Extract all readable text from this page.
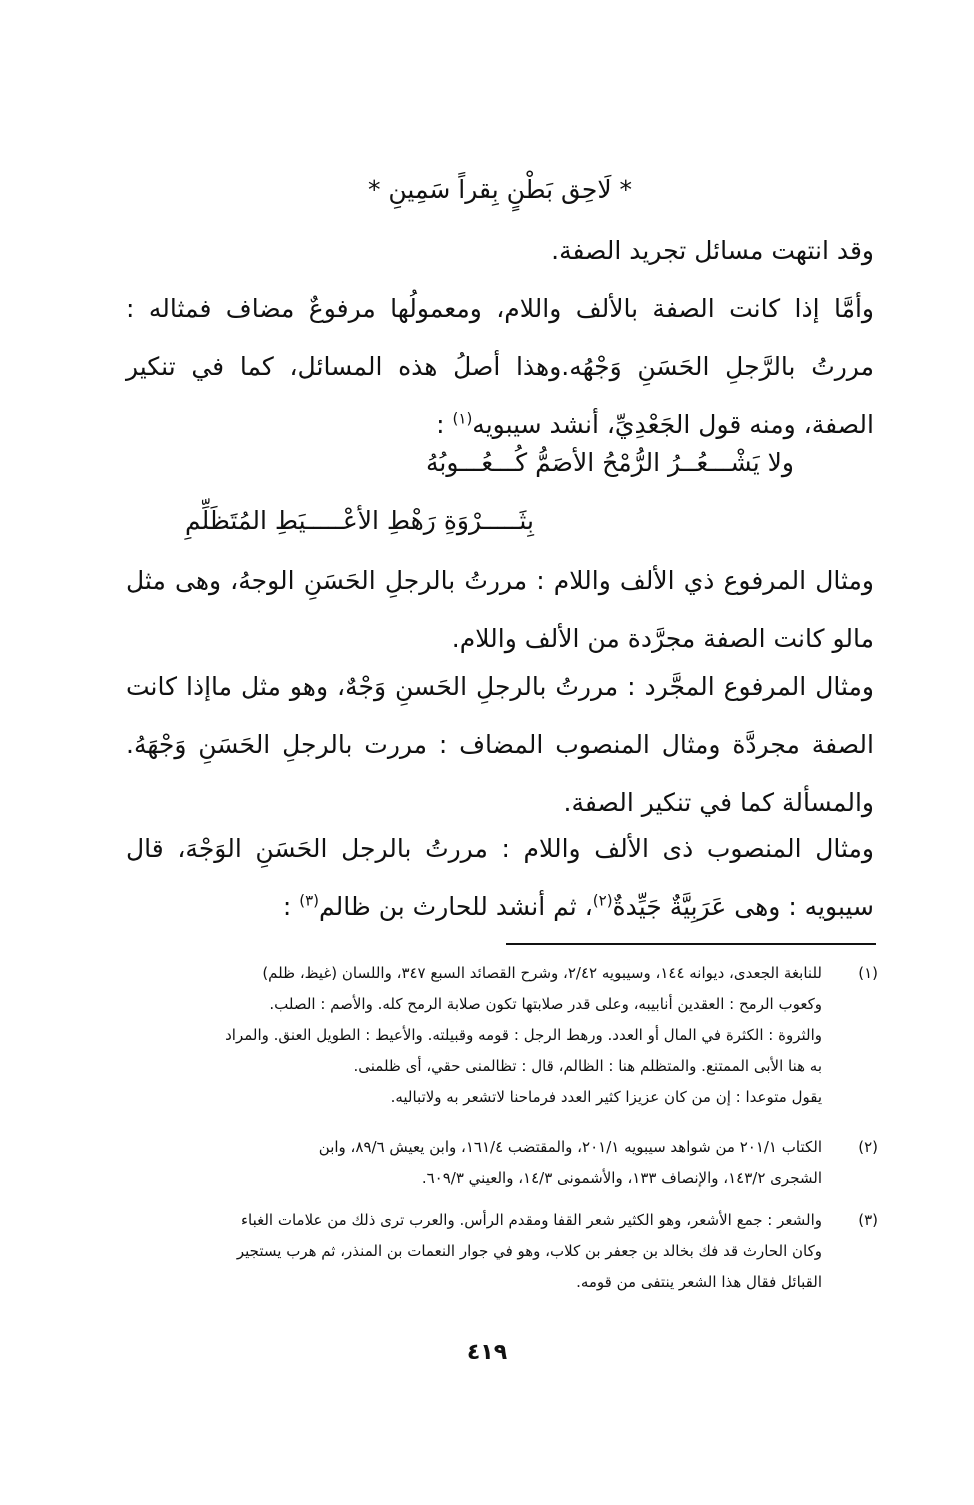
* لَاحِق بَطْنٍ بِقراً سَمِينِ *

وقد انتهت مسائل تجريد الصفة.

وأمَّا إذا كانت الصفة بالألف واللام، ومعمولُها مرفوعٌ مضاف فمثاله : مررتُ بالرَّجلِ الحَسَنِ وَجْهُه.وهذا أصلُ هذه المسائل، كما في تنكير الصفة، ومنه قول الجَعْدِيِّ، أنشد سيبويه$^{(١)}$ :

ولا يَشْـــعُــرُ الرُّمْحُ الأصَمُّ كُـــعُـــوبُهُ

بِثَـــــرْوَةِ رَهْطِ الأعْـــــيَطِ المُتَظَلِّمِ

ومثال المرفوع ذي الألف واللام : مررتُ بالرجلِ الحَسَنِ الوجهُ، وهى مثل مالو كانت الصفة مجرَّدة من الألف واللام.

ومثال المرفوع المجَّرد : مررتُ بالرجلِ الحَسنِ وَجْهٌ، وهو مثل ماإذا كانت الصفة مجردَّة ومثال المنصوب المضاف : مررت بالرجلِ الحَسَنِ وَجْهَهُ. والمسألة كما في تنكير الصفة.

ومثال المنصوب ذى الألف واللام : مررتُ بالرجل الحَسَنِ الوَجْهَ، قال سيبويه : وهى عَرَبِيَّةٌ جَيِّدةٌ$^{(٢)}$، ثم أنشد للحارث بن ظالم$^{(٣)}$ :

(١)
للنابغة الجعدى، ديوانه ١٤٤، وسيبويه ٢/٤٢، وشرح القصائد السبع ٣٤٧، واللسان (غيظ، ظلم)
وكعوب الرمح : العقدين أنابيبه، وعلى قدر صلابتها تكون صلابة الرمح كله. والأصم : الصلب.
والثروة : الكثرة في المال أو العدد. ورهط الرجل : قومه وقبيلته. والأعيط : الطويل العنق. والمراد
به هنا الأبى الممتنع. والمتظلم هنا : الظالم، قال : تظالمنى حقي، أى ظلمنى.
يقول متوعدا : إن من كان عزيزا كثير العدد فرماحنا لاتشعر به ولاتباليه.
(٢)
الكتاب ٢٠١/١ من شواهد سيبويه ٢٠١/١، والمقتضب ١٦١/٤، وابن يعيش ٨٩/٦، وابن
الشجرى ١٤٣/٢، والإنصاف ١٣٣، والأشمونى ١٤/٣، والعيني ٦٠٩/٣.
(٣)
والشعر : جمع الأشعر، وهو الكثير شعر القفا ومقدم الرأس. والعرب ترى ذلك من علامات الغباء
وكان الحارث قد فك بخالد بن جعفر بن كلاب، وهو في جوار النعمات بن المنذر، ثم هرب يستجير
القبائل فقال هذا الشعر ينتفى من قومه.
٤١٩
